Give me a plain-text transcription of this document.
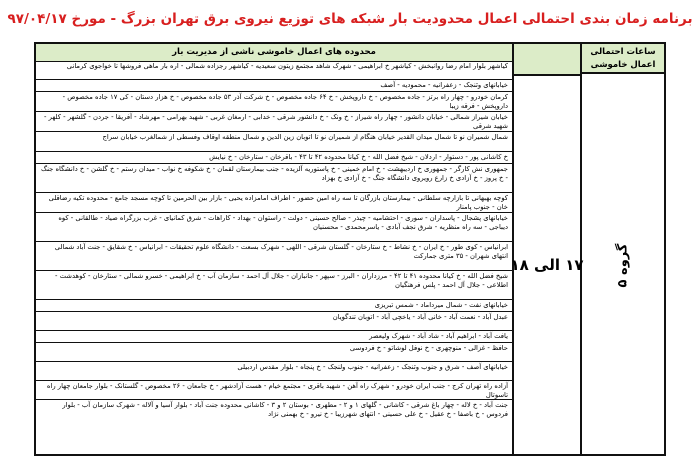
برنامه زمان بندی احتمالی اعمال محدودیت بار شبکه های توزیع نیروی برق تهران بزرگ - مورخ ۹۷/۰۴/۱۷
ساعات احتمالی اعمال خاموشی
گروه ۵
۱۷ الی ۱۸
محدوده های اعمال خاموشی ناشی از مدیریت بار
کیاشهر بلوار امام رضا روانبخش - کیاشهر خ ابراهیمی - شهرک شاهد مجتمع زیتون سعیدیه - کیاشهر رجزاده شمالی - اره بار ماهی فروشها تا خواجوی کرمانی
خیابانهای وثنجک - زعفرانیه - محمودیه - آصف
کرمان خودرو - چهار راه برتز - جاده مخصوص - خ داروپخش - خ ۶۴ جاده مخصوص - خ شرکت آذر ۵۳ جاده مخصوص - خ هزار دستان - کی ۱۷ جاده مخصوص - داروپخش - فرقه زیبا
خیابان شیراز شمالی - خیابان دانشور - چهار راه شیراز - خ ونک - خ دانشور شرقی - خدابی - ارمغان غربی - شهید بهرامی - مهرشاد - آفریقا - جردن - گلشهر - کلهر - شهید شرقی
شمال شمیران نو تا شمال میدان القدیر خیابان هنگام از شمیران نو تا اتوبان زین الدین و شمال منطقه اوقاف وفسطی از شمالغرب خیابان سراج
خ کاشانی پور - دستوار - اردلان - شیخ فضل الله - خ کیانا محدوده ۴۲ تا ۴۳ - باقرخان - ستارخان - خ نیایش
جمهوری نش کارگر - جمهوری خ اردیبهشت - خ امام خمینی - خ پاستوریه آلزیده - جنب بیمارستان لقمان - خ شکوفه خ نواب - میدان رستم - خ گلشن - خ دانشگاه جنگ - خ پروز - خ آزادی خ زارع رویروی دانشگاه جنگ - خ آزادی خ بهزاد
کوچه بهبهانی تا بازارچه سلطانی - بیمارستان بازرگان تا سه راه امین حضور - اطراف امامزاده یحیی - بازار بین الحرمین تا کوچه مسجد جامع - محدوده تکیه رضاقلی خان - جنوب پامنار
خیابانهای پشجال - پاسداران - سوری - احتشامیه - چیذر - صالح حسینی - دولت - راستوان - بهداد - کاراهات - شرق کمانیای - غرب بزرگراه صیاد - طالقانی - کوه دیباجی - سه راه منظریه - شرق نجف آبادی - یاسرمحمدی - محسنیان
ابرانیاس - کوی طور - خ ایران - خ نشاط - خ ستارخان - گلستان شرقی - اللهی - شهرک بسعت - دانشگاه علوم تحقیقات - ابرانیاس - خ شقایق - جنت آباد شمالی انتهای شهران - ۳۵ متری جمارکت
شیخ فضل الله - خ کیانا محدوده ۴۱ تا ۴۲ - مرزداران - البرز - سپهر - جانبازان - جلال آل احمد - سازمان آب - خ ابراهیمی - خسرو شمالی - ستارخان - کوهدشت - اطلاعی - جلال آل احمد - پلس فرهنگیان
خیابانهای نفت - شمال میرداماد - شمس تبریزی
عبدل آباد - نعمت آباد - خانی آباد - یاخچی آباد - اتوبان تندگویان
یافت آباد - ابراهیم آباد - شاد آباد - شهرک ولیعصر
حافظ - غزالی - منوچهری - خ نوفل لوشاتو - خ فردوسی
خیابانهای آصف - شرق و جنوب وثنجک - زعفرانیه - جنوب ولنجک - خ پنجاه - بلوار مقدس اردبیلی
آزاده راه تهران کرج - جنب ایران خودرو - شهرک راه آهن - شهید باقری - مجتمع خیام - هست آزادشهر - خ جامعان - ۲۶ مخصوص - گلستانک - بلوار جامعان چهار راه تاسوتال
جنت آباد - خ لاله - چهار باغ شرقی - کاشانی - گلهای ۱ و ۲ - مطهری - بوستان ۲ و ۳ - کاشانی محدوده جنت آباد - بلوار آسیا و آلاله - شهرک سازمان آب - بلوار فردوس - خ باصفا - خ عقیل - خ علی حسینی - انتهای شهرزیبا - خ نیرو - خ بهمنی نژاد
